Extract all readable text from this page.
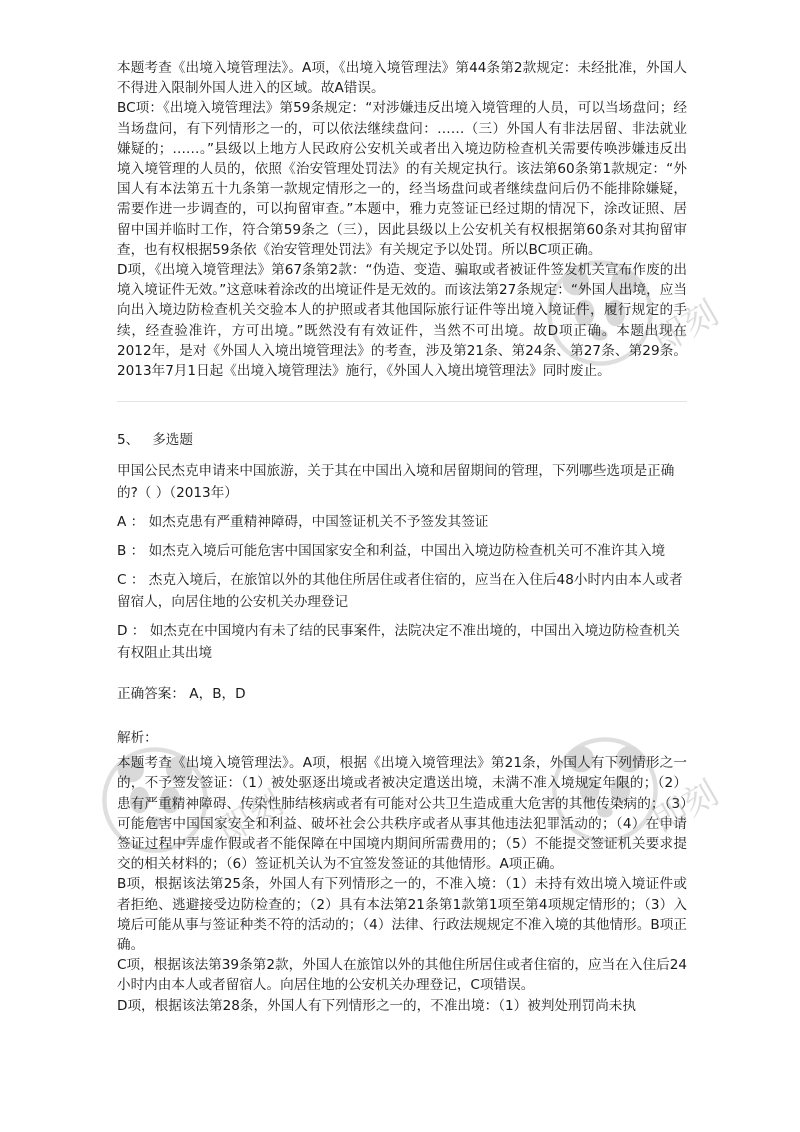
本题考查《出境入境管理法》。A项，《出境入境管理法》第44条第2款规定：未经批准，外国人不得进入限制外国人进入的区域。故A错误。

BC项：《出境入境管理法》第59条规定：“对涉嫌违反出境入境管理的人员，可以当场盘问；经当场盘问，有下列情形之一的，可以依法继续盘问：……（三）外国人有非法居留、非法就业嫌疑的；……。”县级以上地方人民政府公安机关或者出入境边防检查机关需要传唤涉嫌违反出境入境管理的人员的，依照《治安管理处罚法》的有关规定执行。该法第60条第1款规定：“外国人有本法第五十九条第一款规定情形之一的，经当场盘问或者继续盘问后仍不能排除嫌疑，需要作进一步调查的，可以拘留审查。”本题中，雅力克签证已经过期的情况下，涂改证照、居留中国并临时工作，符合第59条之（三），因此县级以上公安机关有权根据第60条对其拘留审查，也有权根据59条依《治安管理处罚法》有关规定予以处罚。所以BC项正确。

D项，《出境入境管理法》第67条第2款：“伪造、变造、骗取或者被证件签发机关宣布作废的出境入境证件无效。”这意味着涂改的出境证件是无效的。而该法第27条规定：“外国人出境，应当向出入境边防检查机关交验本人的护照或者其他国际旅行证件等出境入境证件，履行规定的手续，经查验准许，方可出境。”既然没有有效证件，当然不可出境。故D项正确。本题出现在2012年，是对《外国人入境出境管理法》的考查，涉及第21条、第24条、第27条、第29条。2013年7月1日起《出境入境管理法》施行，《外国人入境出境管理法》同时废止。

5、 多选题
甲国公民杰克申请来中国旅游，关于其在中国出入境和居留期间的管理，下列哪些选项是正确的?（ ）（2013年）
A ： 如杰克患有严重精神障碍，中国签证机关不予签发其签证
B ： 如杰克入境后可能危害中国国家安全和利益，中国出入境边防检查机关可不准许其入境
C ： 杰克入境后，在旅馆以外的其他住所居住或者住宿的，应当在入住后48小时内由本人或者留宿人，向居住地的公安机关办理登记
D ： 如杰克在中国境内有未了结的民事案件，法院决定不准出境的，中国出入境边防检查机关有权阻止其出境
正确答案： A，B，D
解析：

本题考查《出境入境管理法》。A项，根据《出境入境管理法》第21条，外国人有下列情形之一的，不予签发签证：（1）被处驱逐出境或者被决定遣送出境，未满不准入境规定年限的；（2）患有严重精神障碍、传染性肺结核病或者有可能对公共卫生造成重大危害的其他传染病的；（3）可能危害中国国家安全和利益、破坏社会公共秩序或者从事其他违法犯罪活动的；（4）在申请签证过程中弄虚作假或者不能保障在中国境内期间所需费用的；（5）不能提交签证机关要求提交的相关材料的；（6）签证机关认为不宜签发签证的其他情形。A项正确。

B项，根据该法第25条，外国人有下列情形之一的，不准入境：（1）未持有效出境入境证件或者拒绝、逃避接受边防检查的；（2）具有本法第21条第1款第1项至第4项规定情形的；（3）入境后可能从事与签证种类不符的活动的；（4）法律、行政法规规定不准入境的其他情形。B项正确。

C项，根据该法第39条第2款，外国人在旅馆以外的其他住所居住或者住宿的，应当在入住后24小时内由本人或者留宿人。向居住地的公安机关办理登记，C项错误。

D项，根据该法第28条，外国人有下列情形之一的，不准出境：（1）被判处刑罚尚未执

即刻
即刻	即刻
